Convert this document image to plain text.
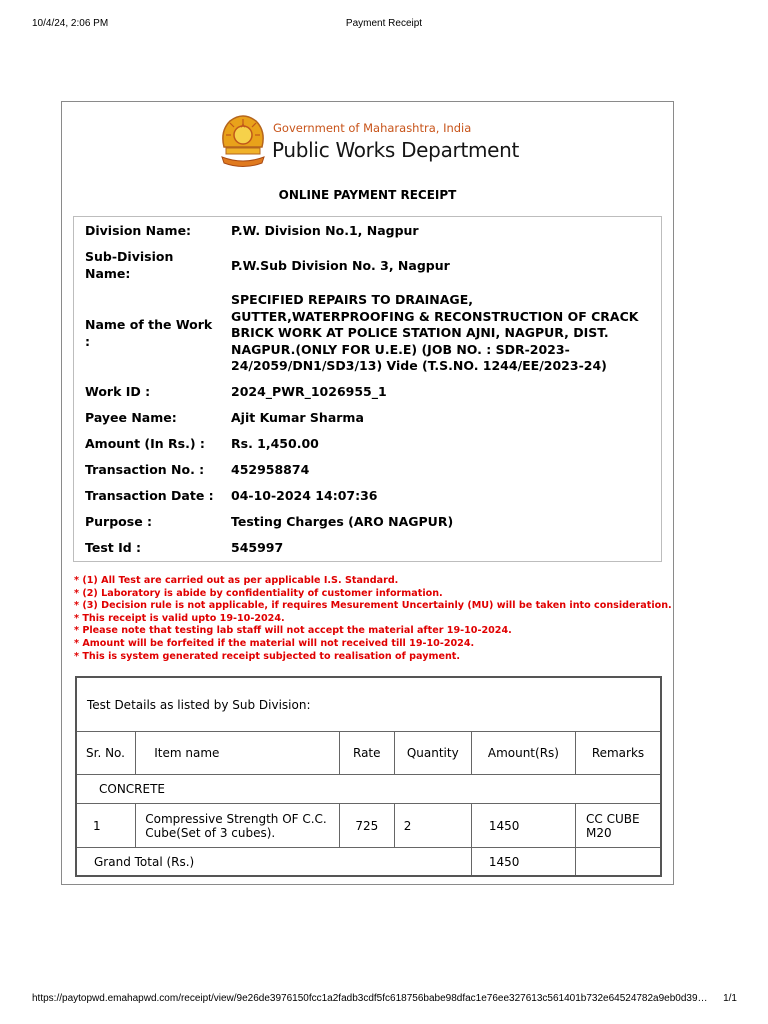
10/4/24, 2:06 PM	Payment Receipt
Government of Maharashtra, India
Public Works Department
ONLINE PAYMENT RECEIPT
Division Name:	P.W. Division No.1, Nagpur
Sub-Division Name:	P.W.Sub Division No. 3, Nagpur
Name of the Work :
SPECIFIED REPAIRS TO DRAINAGE, GUTTER,WATERPROOFING & RECONSTRUCTION OF CRACK BRICK WORK AT POLICE STATION AJNI, NAGPUR, DIST. NAGPUR.(ONLY FOR U.E.E) (JOB NO. : SDR-2023-24/2059/DN1/SD3/13) Vide (T.S.NO. 1244/EE/2023-24)
Work ID :	2024_PWR_1026955_1
Payee Name:	Ajit Kumar Sharma
Amount (In Rs.) :	Rs. 1,450.00
Transaction No. :	452958874
Transaction Date :	04-10-2024 14:07:36
Purpose :	Testing Charges (ARO NAGPUR)
Test Id :	545997
* (1) All Test are carried out as per applicable I.S. Standard.
* (2) Laboratory is abide by confidentiality of customer information.
* (3) Decision rule is not applicable, if requires Mesurement Uncertainly (MU) will be taken into consideration.
* This receipt is valid upto 19-10-2024.
* Please note that testing lab staff will not accept the material after 19-10-2024.
* Amount will be forfeited if the material will not received till 19-10-2024.
* This is system generated receipt subjected to realisation of payment.
Test Details as listed by Sub Division:					
Sr. No.	Item name	Rate	Quantity	Amount(Rs)	Remarks
CONCRETE					
1	Compressive Strength OF C.C. Cube(Set of 3 cubes).	725	2	1450	CC CUBE M20
Grand Total (Rs.)				1450	
https://paytopwd.emahapwd.com/receipt/view/9e26de3976150fcc1a2fadb3cdf5fc618756babe98dfac1e76ee327613c561401b732e64524782a9eb0d39…	1/1
